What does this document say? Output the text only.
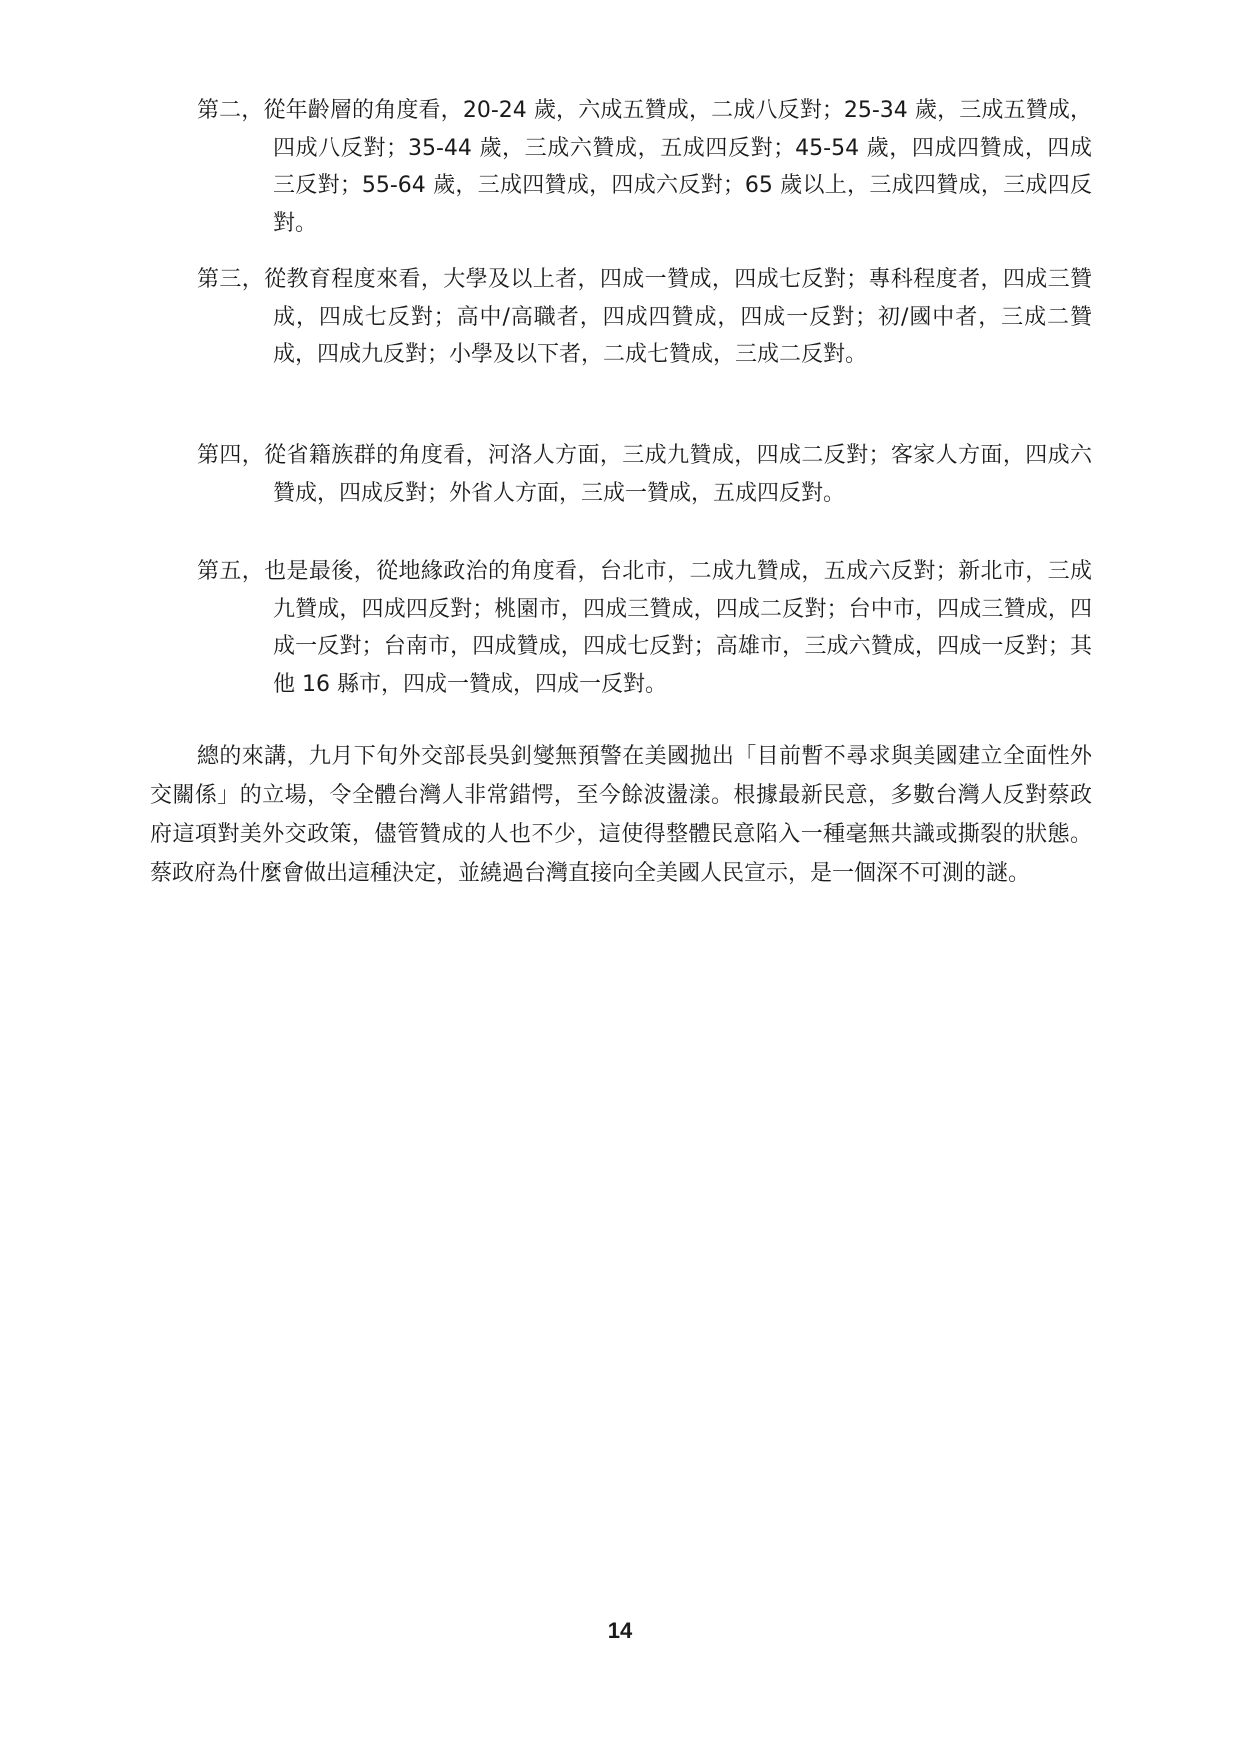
第二，從年齡層的角度看，20-24 歲，六成五贊成，二成八反對；25-34 歲，三成五贊成，四成八反對；35-44 歲，三成六贊成，五成四反對；45-54 歲，四成四贊成，四成三反對；55-64 歲，三成四贊成，四成六反對；65 歲以上，三成四贊成，三成四反對。

第三，從教育程度來看，大學及以上者，四成一贊成，四成七反對；專科程度者，四成三贊成，四成七反對；高中/高職者，四成四贊成，四成一反對；初/國中者，三成二贊成，四成九反對；小學及以下者，二成七贊成，三成二反對。

第四，從省籍族群的角度看，河洛人方面，三成九贊成，四成二反對；客家人方面，四成六贊成，四成反對；外省人方面，三成一贊成，五成四反對。

第五，也是最後，從地緣政治的角度看，台北市，二成九贊成，五成六反對；新北市，三成九贊成，四成四反對；桃園市，四成三贊成，四成二反對；台中市，四成三贊成，四成一反對；台南市，四成贊成，四成七反對；高雄市，三成六贊成，四成一反對；其他 16 縣市，四成一贊成，四成一反對。

總的來講，九月下旬外交部長吳釗燮無預警在美國拋出「目前暫不尋求與美國建立全面性外交關係」的立場，令全體台灣人非常錯愕，至今餘波盪漾。根據最新民意，多數台灣人反對蔡政府這項對美外交政策，儘管贊成的人也不少，這使得整體民意陷入一種毫無共識或撕裂的狀態。蔡政府為什麼會做出這種決定，並繞過台灣直接向全美國人民宣示，是一個深不可測的謎。

14
